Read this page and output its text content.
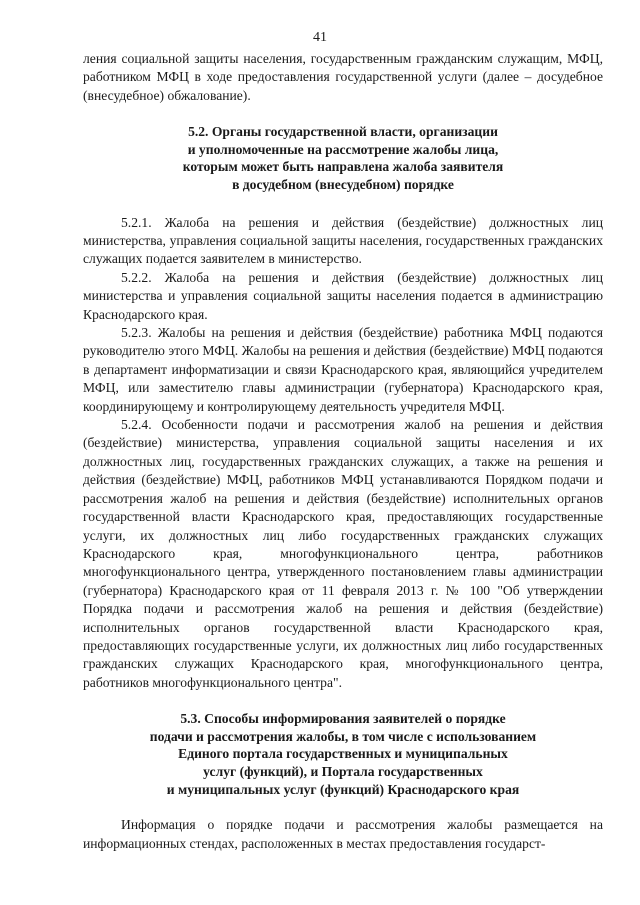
41

ления социальной защиты населения, государственным гражданским служащим, МФЦ, работником МФЦ в ходе предоставления государственной услуги (далее – досудебное (внесудебное) обжалование).

5.2. Органы государственной власти, организации
и уполномоченные на рассмотрение жалобы лица,
которым может быть направлена жалоба заявителя
в досудебном (внесудебном) порядке

5.2.1. Жалоба на решения и действия (бездействие) должностных лиц министерства, управления социальной защиты населения, государственных гражданских служащих подается заявителем в министерство.

5.2.2. Жалоба на решения и действия (бездействие) должностных лиц министерства и управления социальной защиты населения подается в администрацию Краснодарского края.

5.2.3. Жалобы на решения и действия (бездействие) работника МФЦ подаются руководителю этого МФЦ. Жалобы на решения и действия (бездействие) МФЦ подаются в департамент информатизации и связи Краснодарского края, являющийся учредителем МФЦ, или заместителю главы администрации (губернатора) Краснодарского края, координирующему и контролирующему деятельность учредителя МФЦ.

5.2.4. Особенности подачи и рассмотрения жалоб на решения и действия (бездействие) министерства, управления социальной защиты населения и их должностных лиц, государственных гражданских служащих, а также на решения и действия (бездействие) МФЦ, работников МФЦ устанавливаются Порядком подачи и рассмотрения жалоб на решения и действия (бездействие) исполнительных органов государственной власти Краснодарского края, предоставляющих государственные услуги, их должностных лиц либо государственных гражданских служащих Краснодарского края, многофункционального центра, работников многофункционального центра, утвержденного постановлением главы администрации (губернатора) Краснодарского края от 11 февраля 2013 г. № 100 "Об утверждении Порядка подачи и рассмотрения жалоб на решения и действия (бездействие) исполнительных органов государственной власти Краснодарского края, предоставляющих государственные услуги, их должностных лиц либо государственных гражданских служащих Краснодарского края, многофункционального центра, работников многофункционального центра".

5.3. Способы информирования заявителей о порядке
подачи и рассмотрения жалобы, в том числе с использованием
Единого портала государственных и муниципальных
услуг (функций), и Портала государственных
и муниципальных услуг (функций) Краснодарского края

Информация о порядке подачи и рассмотрения жалобы размещается на информационных стендах, расположенных в местах предоставления государст-
